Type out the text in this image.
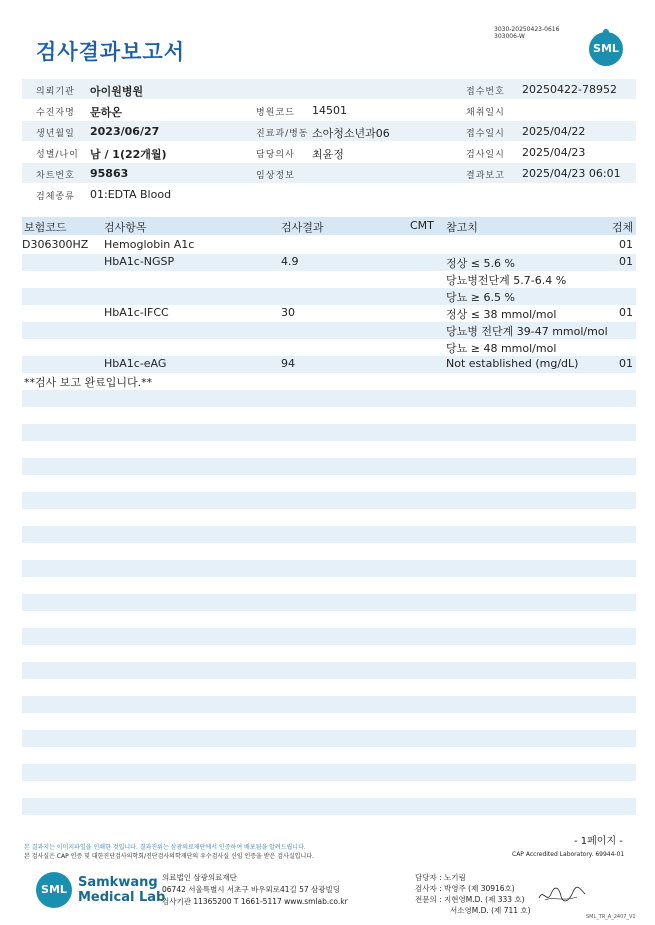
검사결과보고서
3030-20250423-0616
303006-W
SML
의뢰기관 아이원병원	접수번호 20250422-78952
수진자명 문하온	병원코드 14501	채취일시
생년월일 2023/06/27	진료과/병동 소아청소년과06	접수일시 2025/04/22
성별/나이 남 / 1(22개월)	담당의사 최윤정	검사일시 2025/04/23
차트번호 95863	임상정보	결과보고 2025/04/23 06:01
검체종류 01:EDTA Blood
보험코드	검사항목	검사결과	CMT 참고치	검체
D306300HZ Hemoglobin A1c	01
HbA1c-NGSP	4.9	정상 ≤ 5.6 %	01
당뇨병전단계 5.7-6.4 %
당뇨 ≥ 6.5 %
HbA1c-IFCC	30	정상 ≤ 38 mmol/mol	01
당뇨병 전단계 39-47 mmol/mol
당뇨 ≥ 48 mmol/mol
HbA1c-eAG	94	Not established (mg/dL)	01
**검사 보고 완료입니다.**
본 결과지는 이미지파일을 인쇄한 것입니다. 결과진위는 삼광의료재단에서 인증하여 배포됨을 알려드립니다.
본 검사실은 CAP 인증 및 대한진단검사의학회/진단검사의학재단의 우수검사실 신임 인증을 받은 검사실입니다.
- 1페이지 -
CAP Accredited Laboratory. 69944-01
SML Samkwang
Medical Lab
의료법인 삼광의료재단
06742 서울특별시 서초구 바우뫼로41길 57 삼광빌딩
검사기관 11365200 T 1661-5117 www.smlab.co.kr
담당자 : 노기림
검사자 : 박영주 (제 30916호)
전문의 : 지현영M.D. (제 333 호)
서소영M.D. (제 711 호)
SML_TR_A_2407_V1
